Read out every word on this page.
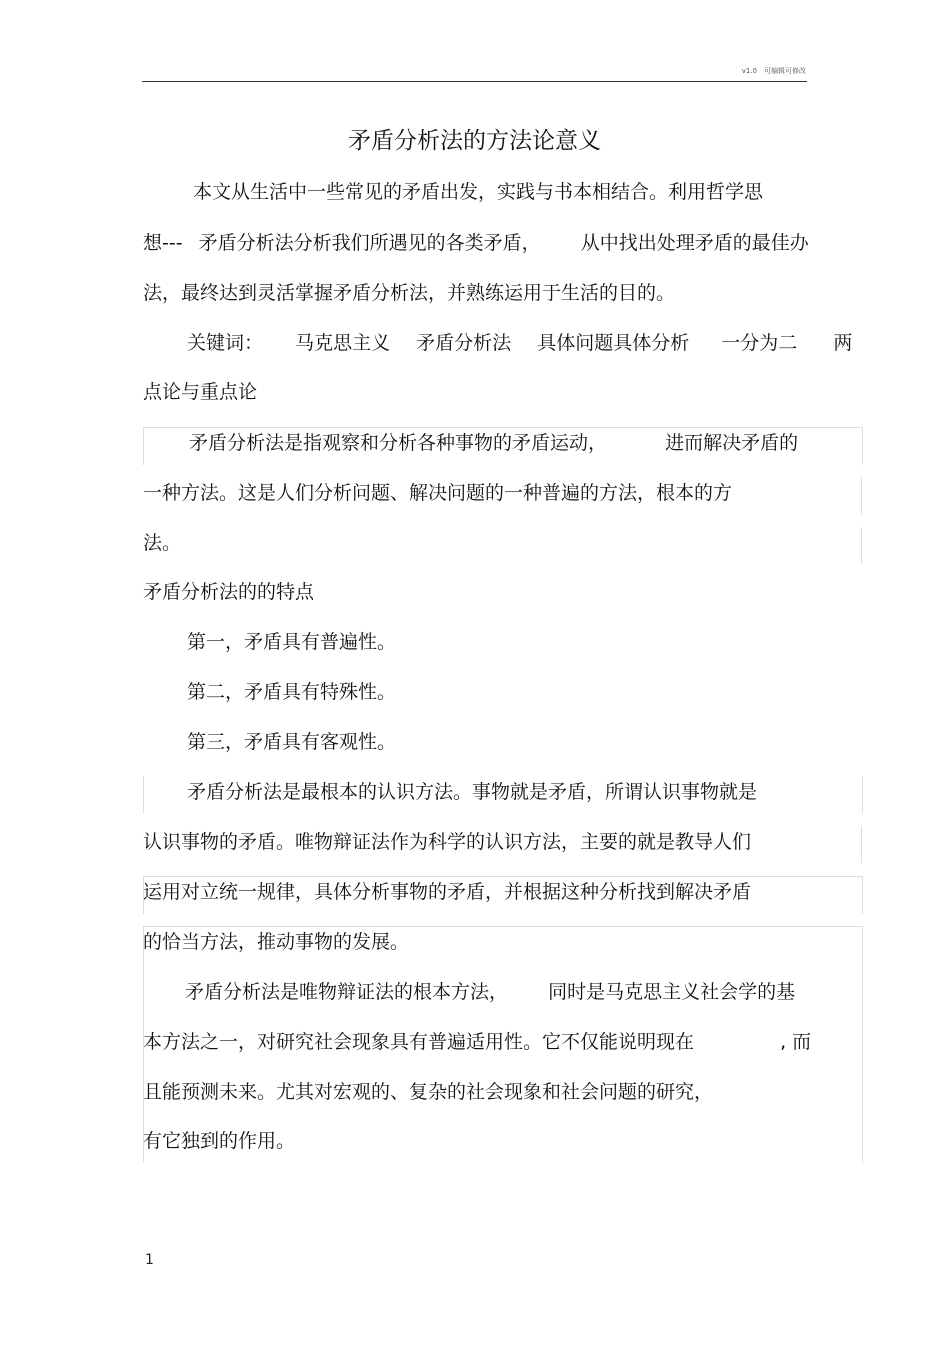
v1.0　可编辑可修改
矛盾分析法的方法论意义
本文从生活中一些常见的矛盾出发，实践与书本相结合。利用哲学思
想--- 矛盾分析法分析我们所遇见的各类矛盾， 从中找出处理矛盾的最佳办
法，最终达到灵活掌握矛盾分析法，并熟练运用于生活的目的。
关键词： 马克思主义 矛盾分析法 具体问题具体分析 一分为二 两
点论与重点论
矛盾分析法是指观察和分析各种事物的矛盾运动，	进而解决矛盾的
一种方法。这是人们分析问题、解决问题的一种普遍的方法，根本的方
法。
矛盾分析法的的特点
第一，矛盾具有普遍性。
第二，矛盾具有特殊性。
第三，矛盾具有客观性。
矛盾分析法是最根本的认识方法。事物就是矛盾，所谓认识事物就是
认识事物的矛盾。唯物辩证法作为科学的认识方法，主要的就是教导人们
运用对立统一规律，具体分析事物的矛盾，并根据这种分析找到解决矛盾
的恰当方法，推动事物的发展。
矛盾分析法是唯物辩证法的根本方法， 同时是马克思主义社会学的基
本方法之一，对研究社会现象具有普遍适用性。它不仅能说明现在	, 而
且能预测未来。尤其对宏观的、复杂的社会现象和社会问题的研究，
有它独到的作用。
1
